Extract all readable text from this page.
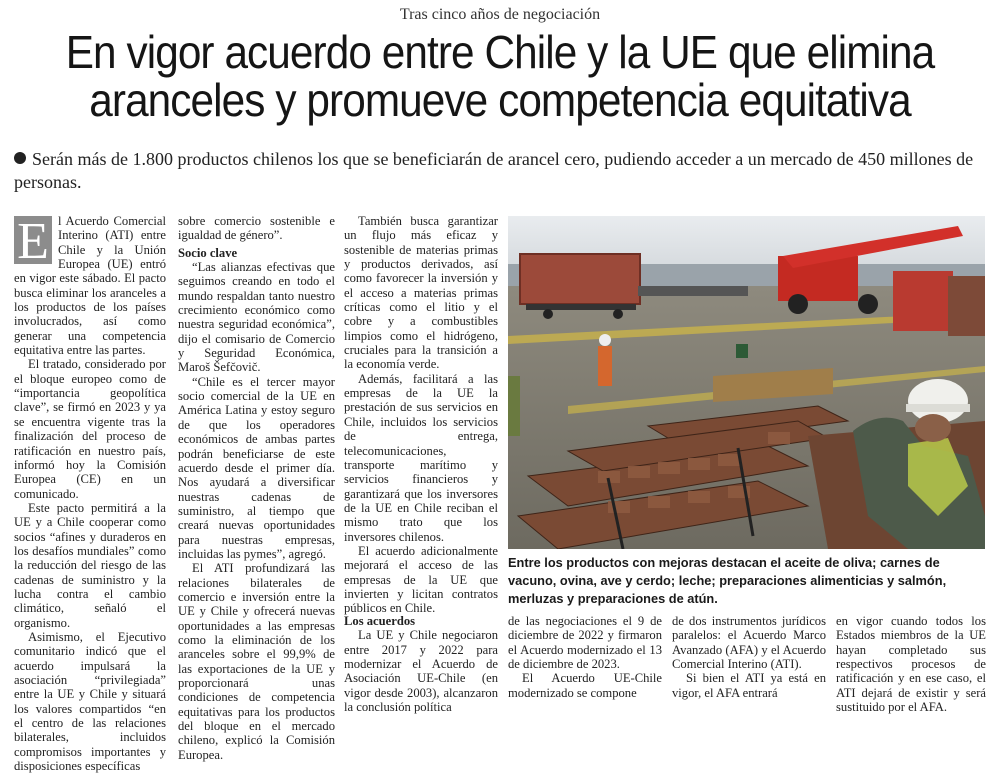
Tras cinco años de negociación
En vigor acuerdo entre Chile y la UE que elimina
aranceles y promueve competencia equitativa
Serán más de 1.800 productos chilenos los que se beneficiarán de arancel cero, pudiendo acceder a un mercado de 450 millones de personas.
E l Acuerdo Comercial Interino (ATI) entre Chile y la Unión Europea (UE) entró en vigor este sábado. El pacto busca eliminar los aranceles a los productos de los países involucrados, así como generar una competencia equitativa entre las partes.

El tratado, considerado por el bloque europeo como de “importancia geopolítica clave”, se firmó en 2023 y ya se encuentra vigente tras la finalización del proceso de ratificación en nuestro país, informó hoy la Comisión Europea (CE) en un comunicado.

Este pacto permitirá a la UE y a Chile cooperar como socios “afines y duraderos en los desafíos mundiales” como la reducción del riesgo de las cadenas de suministro y la lucha contra el cambio climático, señaló el organismo.

Asimismo, el Ejecutivo comunitario indicó que el acuerdo impulsará la asociación “privilegiada” entre la UE y Chile y situará los valores compartidos “en el centro de las relaciones bilaterales, incluidos compromisos importantes y disposiciones específicas

sobre comercio sostenible e igualdad de género”.

Socio clave

“Las alianzas efectivas que seguimos creando en todo el mundo respaldan tanto nuestro crecimiento económico como nuestra seguridad económica”, dijo el comisario de Comercio y Seguridad Económica, Maroš Šefčovič.

“Chile es el tercer mayor socio comercial de la UE en América Latina y estoy seguro de que los operadores económicos de ambas partes podrán beneficiarse de este acuerdo desde el primer día. Nos ayudará a diversificar nuestras cadenas de suministro, al tiempo que creará nuevas oportunidades para nuestras empresas, incluidas las pymes”, agregó.

El ATI profundizará las relaciones bilaterales de comercio e inversión entre la UE y Chile y ofrecerá nuevas oportunidades a las empresas como la eliminación de los aranceles sobre el 99,9% de las exportaciones de la UE y proporcionará unas condiciones de competencia equitativas para los productos del bloque en el mercado chileno, explicó la Comisión Europea.

También busca garantizar un flujo más eficaz y sostenible de materias primas y productos derivados, así como favorecer la inversión y el acceso a materias primas críticas como el litio y el cobre y a combustibles limpios como el hidrógeno, cruciales para la transición a la economía verde.

Además, facilitará a las empresas de la UE la prestación de sus servicios en Chile, incluidos los servicios de entrega, telecomunicaciones, transporte marítimo y servicios financieros y garantizará que los inversores de la UE en Chile reciban el mismo trato que los inversores chilenos.

El acuerdo adicionalmente mejorará el acceso de las empresas de la UE que invierten y licitan contratos públicos en Chile.

Entre los productos con mejoras destacan el aceite de oliva; carnes de vacuno, ovina, ave y cerdo; leche; preparaciones alimenticias y salmón, merluzas y preparaciones de atún.

Los acuerdos

La UE y Chile negociaron entre 2017 y 2022 para modernizar el Acuerdo de Asociación UE-Chile (en vigor desde 2003), alcanzaron la conclusión política

de las negociaciones el 9 de diciembre de 2022 y firmaron el Acuerdo modernizado el 13 de diciembre de 2023.

El Acuerdo UE-Chile modernizado se compone

de dos instrumentos jurídicos paralelos: el Acuerdo Marco Avanzado (AFA) y el Acuerdo Comercial Interino (ATI).

Si bien el ATI ya está en vigor, el AFA entrará

en vigor cuando todos los Estados miembros de la UE hayan completado sus respectivos procesos de ratificación y en ese caso, el ATI dejará de existir y será sustituido por el AFA.
